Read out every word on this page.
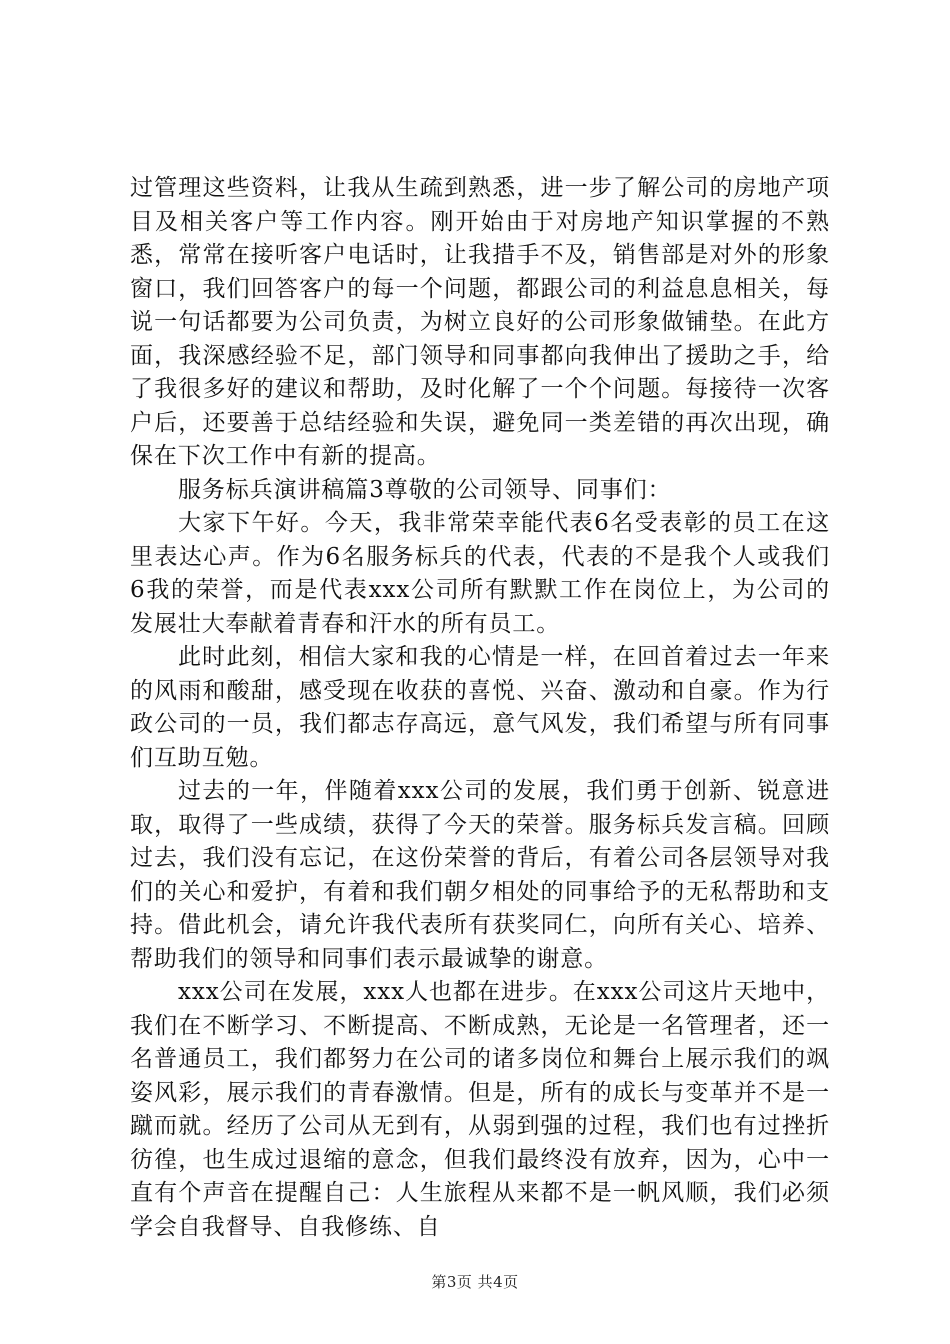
过管理这些资料，让我从生疏到熟悉，进一步了解公司的房地产项目及相关客户等工作内容。刚开始由于对房地产知识掌握的不熟悉，常常在接听客户电话时，让我措手不及，销售部是对外的形象窗口，我们回答客户的每一个问题，都跟公司的利益息息相关，每说一句话都要为公司负责，为树立良好的公司形象做铺垫。在此方面，我深感经验不足，部门领导和同事都向我伸出了援助之手，给了我很多好的建议和帮助，及时化解了一个个问题。每接待一次客户后，还要善于总结经验和失误，避免同一类差错的再次出现，确保在下次工作中有新的提高。

服务标兵演讲稿篇3尊敬的公司领导、同事们：

大家下午好。今天，我非常荣幸能代表6名受表彰的员工在这里表达心声。作为6名服务标兵的代表，代表的不是我个人或我们6我的荣誉，而是代表xxx公司所有默默工作在岗位上，为公司的发展壮大奉献着青春和汗水的所有员工。

此时此刻，相信大家和我的心情是一样，在回首着过去一年来的风雨和酸甜，感受现在收获的喜悦、兴奋、激动和自豪。作为行政公司的一员，我们都志存高远，意气风发，我们希望与所有同事们互助互勉。

过去的一年，伴随着xxx公司的发展，我们勇于创新、锐意进取，取得了一些成绩，获得了今天的荣誉。服务标兵发言稿。回顾过去，我们没有忘记，在这份荣誉的背后，有着公司各层领导对我们的关心和爱护，有着和我们朝夕相处的同事给予的无私帮助和支持。借此机会，请允许我代表所有获奖同仁，向所有关心、培养、帮助我们的领导和同事们表示最诚挚的谢意。

xxx公司在发展，xxx人也都在进步。在xxx公司这片天地中，我们在不断学习、不断提高、不断成熟，无论是一名管理者，还一名普通员工，我们都努力在公司的诸多岗位和舞台上展示我们的飒姿风彩，展示我们的青春激情。但是，所有的成长与变革并不是一蹴而就。经历了公司从无到有，从弱到强的过程，我们也有过挫折彷徨，也生成过退缩的意念，但我们最终没有放弃，因为，心中一直有个声音在提醒自己：人生旅程从来都不是一帆风顺，我们必须学会自我督导、自我修练、自

第3页 共4页
